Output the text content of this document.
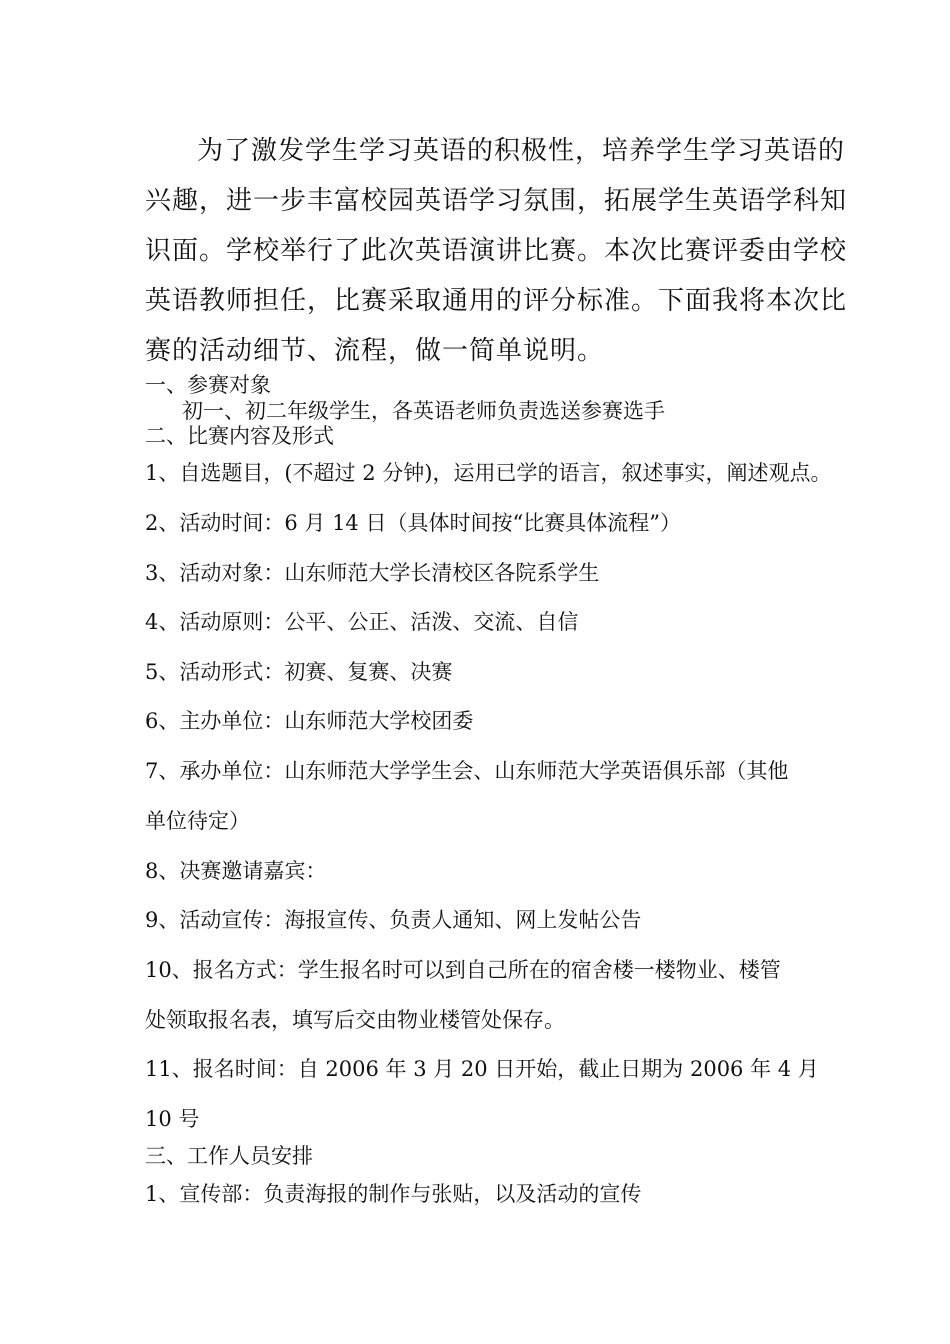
为了激发学生学习英语的积极性，培养学生学习英语的
兴趣，进一步丰富校园英语学习氛围，拓展学生英语学科知
识面。学校举行了此次英语演讲比赛。本次比赛评委由学校
英语教师担任，比赛采取通用的评分标准。下面我将本次比
赛的活动细节、流程，做一简单说明。
一、参赛对象
初一、初二年级学生，各英语老师负责选送参赛选手
二、比赛内容及形式
1、自选题目，(不超过 2 分钟)，运用已学的语言，叙述事实，阐述观点。
2、活动时间：6 月 14 日（具体时间按“比赛具体流程”）
3、活动对象：山东师范大学长清校区各院系学生
4、活动原则：公平、公正、活泼、交流、自信
5、活动形式：初赛、复赛、决赛
6、主办单位：山东师范大学校团委
7、承办单位：山东师范大学学生会、山东师范大学英语俱乐部（其他
单位待定）
8、决赛邀请嘉宾：
9、活动宣传：海报宣传、负责人通知、网上发帖公告
10、报名方式：学生报名时可以到自己所在的宿舍楼一楼物业、楼管
处领取报名表，填写后交由物业楼管处保存。
11、报名时间：自 2006 年 3 月 20 日开始，截止日期为 2006 年 4 月
10 号
三、工作人员安排
1、宣传部：负责海报的制作与张贴，以及活动的宣传
